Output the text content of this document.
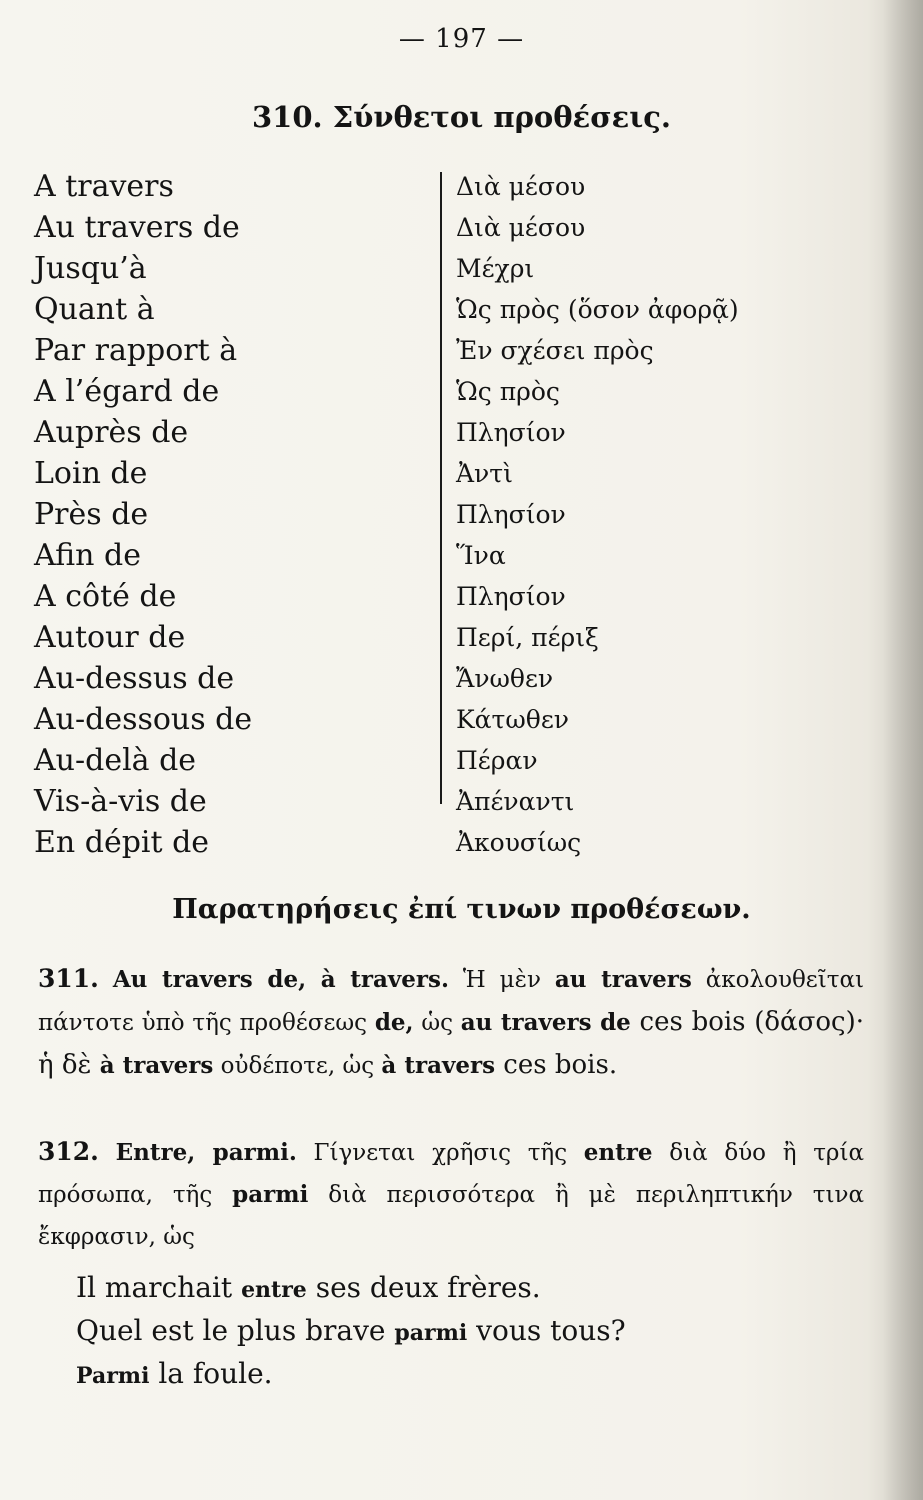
— 197 —
310. Σύνθετοι προθέσεις.
A travers
Au travers de
Jusqu’à
Quant à
Par rapport à
A l’égard de
Auprès de
Loin de
Près de
Afin de
A côté de
Autour de
Au-dessus de
Au-dessous de
Au-delà de
Vis-à-vis de
En dépit de
Διὰ μέσου
Διὰ μέσου
Μέχρι
Ὡς πρὸς (ὅσον ἀφορᾷ)
Ἐν σχέσει πρὸς
Ὡς πρὸς
Πλησίον
Ἀντὶ
Πλησίον
Ἵνα
Πλησίον
Περί, πέριξ
Ἄνωθεν
Κάτωθεν
Πέραν
Ἀπέναντι
Ἀκουσίως
Παρατηρήσεις ἐπί τινων προθέσεων.
311. Au travers de, à travers. Ἡ μὲν au travers ἀκολουθεῖται πάντοτε ὑπὸ τῆς προθέσεως de, ὡς au travers de ces bois (δάσος)· ἡ δὲ à travers οὐδέποτε, ὡς à travers ces bois.
312. Entre, parmi. Γίγνεται χρῆσις τῆς entre διὰ δύο ἢ τρία πρόσωπα, τῆς parmi διὰ περισσότερα ἢ μὲ περιληπτικήν τινα ἔκφρασιν, ὡς
Il marchait entre ses deux frères.
Quel est le plus brave parmi vous tous?
Parmi la foule.
